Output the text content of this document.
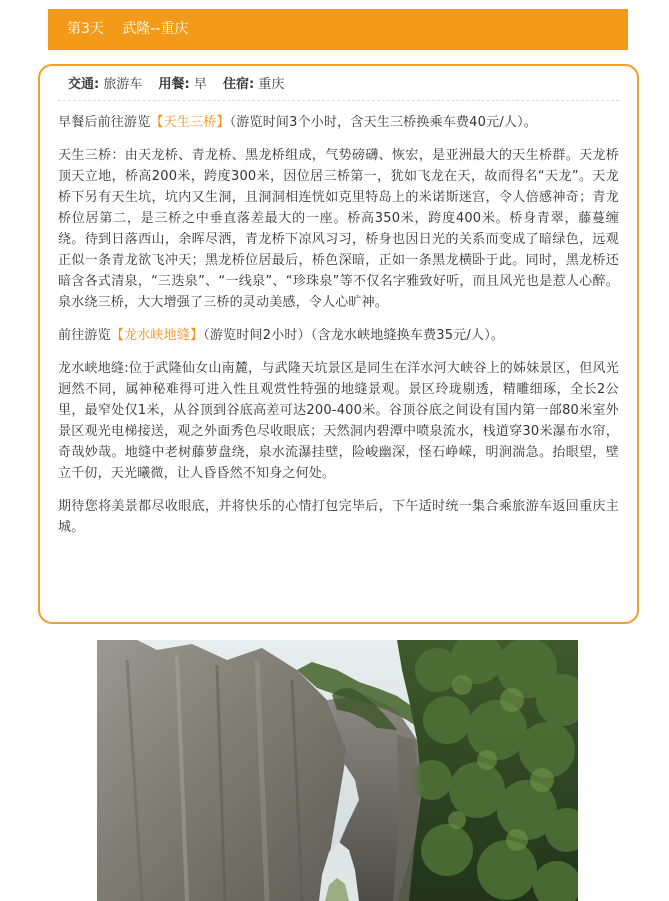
第3天 武隆--重庆
交通: 旅游车 用餐: 早 住宿: 重庆

早餐后前往游览【天生三桥】（游览时间3个小时，含天生三桥换乘车费40元/人）。

天生三桥：由天龙桥、青龙桥、黑龙桥组成，气势磅礴、恢宏，是亚洲最大的天生桥群。天龙桥顶天立地，桥高200米，跨度300米，因位居三桥第一，犹如飞龙在天，故而得名“天龙”。天龙桥下另有天生坑，坑内又生洞，且洞洞相连恍如克里特岛上的米诺斯迷宫，令人倍感神奇；青龙桥位居第二，是三桥之中垂直落差最大的一座。桥高350米，跨度400米。桥身青翠，藤蔓缠绕。待到日落西山，余晖尽洒，青龙桥下凉风习习，桥身也因日光的关系而变成了暗绿色，远观正似一条青龙欲飞冲天；黑龙桥位居最后，桥色深暗，正如一条黑龙横卧于此。同时，黑龙桥还暗含各式清泉，“三迭泉”、“一线泉”、“珍珠泉”等不仅名字雅致好听，而且风光也是惹人心醉。泉水绕三桥，大大增强了三桥的灵动美感，令人心旷神。

前往游览【龙水峡地缝】（游览时间2小时）（含龙水峡地缝换车费35元/人）。

龙水峡地缝:位于武隆仙女山南麓，与武隆天坑景区是同生在洋水河大峡谷上的姊妹景区，但风光迥然不同，属神秘难得可进入性且观赏性特强的地缝景观。景区玲珑剔透，精雕细琢，全长2公里，最窄处仅1米，从谷顶到谷底高差可达200-400米。谷顶谷底之间设有国内第一部80米室外景区观光电梯接送，观之外面秀色尽收眼底；天然洞内碧潭中喷泉流水，栈道穿30米瀑布水帘，奇哉妙哉。地缝中老树藤萝盘绕，泉水流瀑挂壁，险峻幽深，怪石峥嵘，明涧湍急。抬眼望，壁立千仞，天光曦微，让人昏昏然不知身之何处。

期待您将美景都尽收眼底，并将快乐的心情打包完毕后，下午适时统一集合乘旅游车返回重庆主城。
